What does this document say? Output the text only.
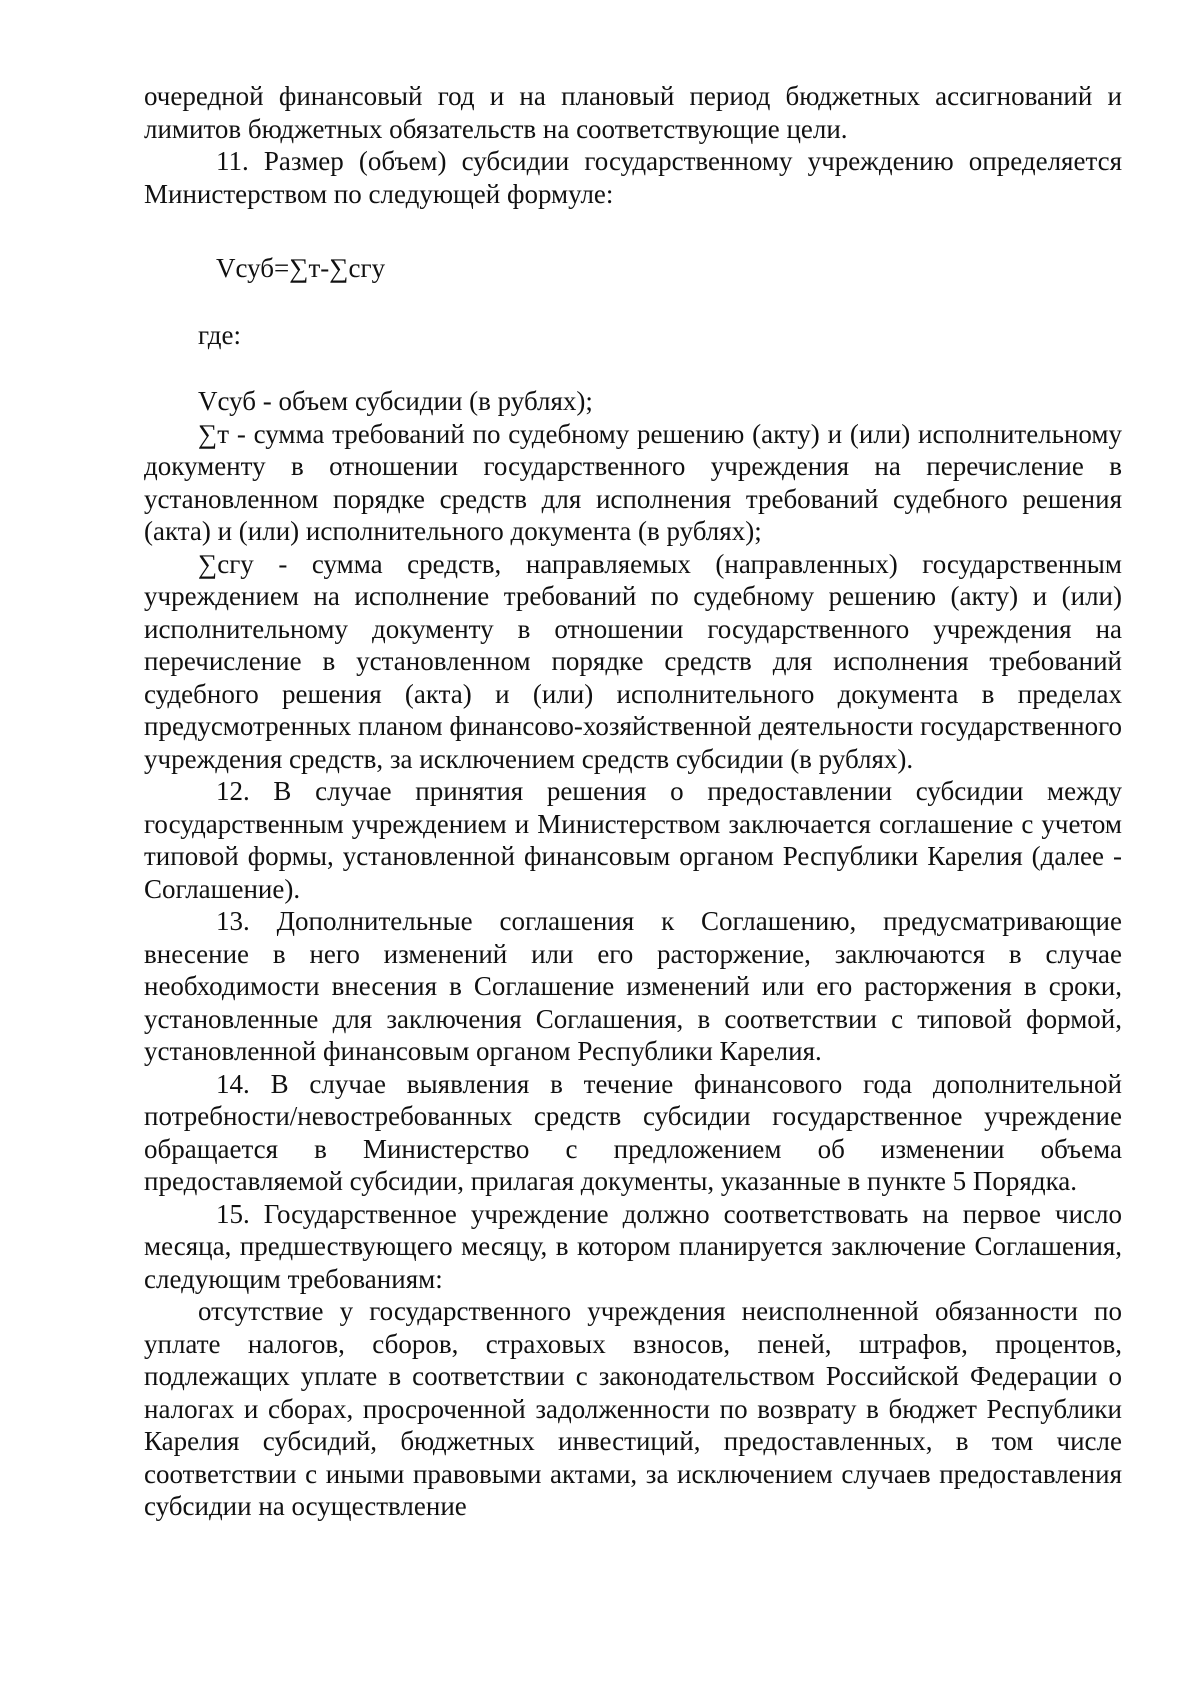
очередной финансовый год и на плановый период бюджетных ассигнований и лимитов бюджетных обязательств на соответствующие цели.

11. Размер (объем) субсидии государственному учреждению определяется Министерством по следующей формуле:

Vсуб=∑т-∑сгу

где:

Vсуб - объем субсидии (в рублях);

∑т - сумма требований по судебному решению (акту) и (или) исполнительному документу в отношении государственного учреждения на перечисление в установленном порядке средств для исполнения требований судебного решения (акта) и (или) исполнительного документа (в рублях);

∑сгу - сумма средств, направляемых (направленных) государственным учреждением на исполнение требований по судебному решению (акту) и (или) исполнительному документу в отношении государственного учреждения на перечисление в установленном порядке средств для исполнения требований судебного решения (акта) и (или) исполнительного документа в пределах предусмотренных планом финансово-хозяйственной деятельности государственного учреждения средств, за исключением средств субсидии (в рублях).

12. В случае принятия решения о предоставлении субсидии между государственным учреждением и Министерством заключается соглашение с учетом типовой формы, установленной финансовым органом Республики Карелия (далее - Соглашение).

13. Дополнительные соглашения к Соглашению, предусматривающие внесение в него изменений или его расторжение, заключаются в случае необходимости внесения в Соглашение изменений или его расторжения в сроки, установленные для заключения Соглашения, в соответствии с типовой формой, установленной финансовым органом Республики Карелия.

14. В случае выявления в течение финансового года дополнительной потребности/невостребованных средств субсидии государственное учреждение обращается в Министерство с предложением об изменении объема предоставляемой субсидии, прилагая документы, указанные в пункте 5 Порядка.

15. Государственное учреждение должно соответствовать на первое число месяца, предшествующего месяцу, в котором планируется заключение Соглашения, следующим требованиям:

отсутствие у государственного учреждения неисполненной обязанности по уплате налогов, сборов, страховых взносов, пеней, штрафов, процентов, подлежащих уплате в соответствии с законодательством Российской Федерации о налогах и сборах, просроченной задолженности по возврату в бюджет Республики Карелия субсидий, бюджетных инвестиций, предоставленных, в том числе соответствии с иными правовыми актами, за исключением случаев предоставления субсидии на осуществление
